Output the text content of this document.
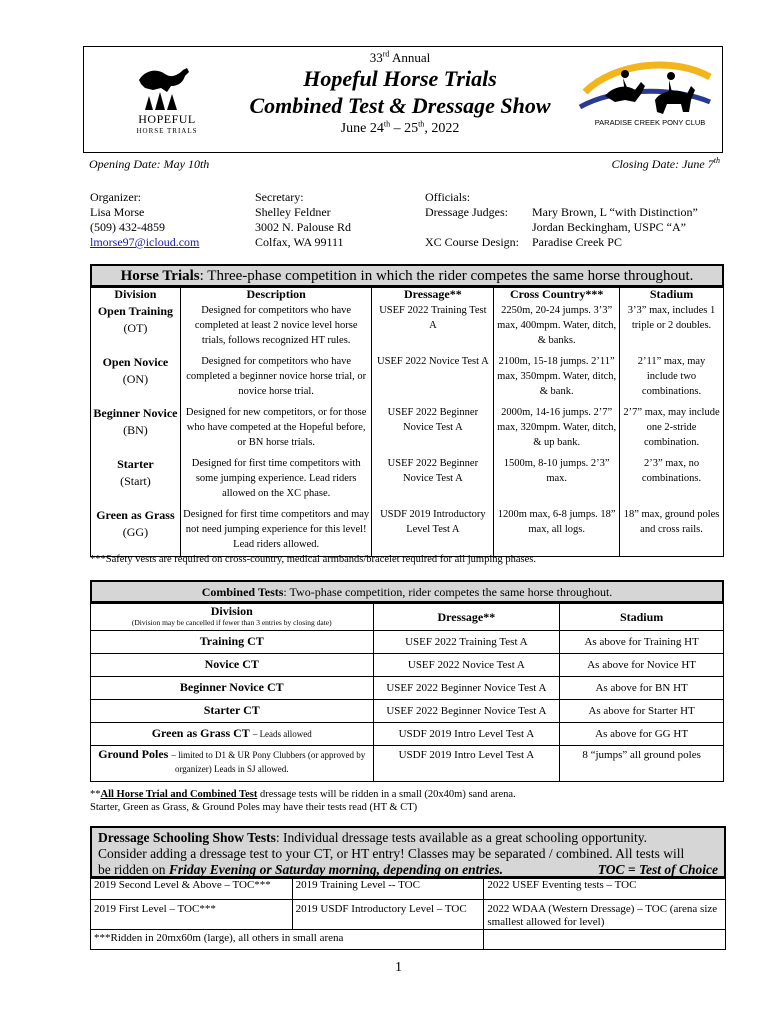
HOPEFUL
HORSE TRIALS
PARADISE CREEK PONY CLUB
33rd Annual
Hopeful Horse Trials
Combined Test & Dressage Show
June 24th – 25th, 2022
Opening Date: May 10th	Closing Date: June 7th
Organizer:
Lisa Morse
(509) 432-4859
lmorse97@icloud.com
Secretary:
Shelley Feldner
3002 N. Palouse Rd
Colfax, WA 99111
Officials:
Dressage Judges:	Mary Brown, L “with Distinction”
Jordan Beckingham, USPC “A”
XC Course Design:	Paradise Creek PC
Horse Trials: Three-phase competition in which the rider competes the same horse throughout.
Division	Description	Dressage**	Cross Country***	Stadium

Open Training
(OT)	Designed for competitors who have completed at least 2 novice level horse trials, follows recognized HT rules.	USEF 2022 Training Test A	2250m, 20-24 jumps. 3’3” max, 400mpm. Water, ditch, & banks.	3’3” max, includes 1 triple or 2 doubles.

Open Novice
(ON)	Designed for competitors who have completed a beginner novice horse trial, or novice horse trial.	USEF 2022 Novice Test A	2100m, 15-18 jumps. 2’11” max, 350mpm. Water, ditch, & bank.	2’11” max, may include two combinations.

Beginner Novice
(BN)	Designed for new competitors, or for those who have competed at the Hopeful before, or BN horse trials.	USEF 2022 Beginner Novice Test A	2000m, 14-16 jumps. 2’7” max, 320mpm. Water, ditch, & up bank.	2’7” max, may include one 2-stride combination.

Starter
(Start)	Designed for first time competitors with some jumping experience. Lead riders allowed on the XC phase.	USEF 2022 Beginner Novice Test A	1500m, 8-10 jumps. 2’3” max.	2’3” max, no combinations.

Green as Grass
(GG)	Designed for first time competitors and may not need jumping experience for this level! Lead riders allowed.	USDF 2019 Introductory Level Test A	1200m max, 6-8 jumps. 18” max, all logs.	18” max, ground poles and cross rails.
***Safety vests are required on cross-country, medical armbands/bracelet required for all jumping phases.
Combined Tests: Two-phase competition, rider competes the same horse throughout.
Division
(Division may be cancelled if fewer than 3 entries by closing date)	Dressage**	Stadium
Training CT	USEF 2022 Training Test A	As above for Training HT
Novice CT	USEF 2022 Novice Test A	As above for Novice HT
Beginner Novice CT	USEF 2022 Beginner Novice Test A	As above for BN HT
Starter CT	USEF 2022 Beginner Novice Test A	As above for Starter HT
Green as Grass CT – Leads allowed	USDF 2019 Intro Level Test A	As above for GG HT
Ground Poles – limited to D1 & UR Pony Clubbers (or approved by organizer) Leads in SJ allowed.	USDF 2019 Intro Level Test A	8 “jumps” all ground poles
**All Horse Trial and Combined Test dressage tests will be ridden in a small (20x40m) sand arena.
Starter, Green as Grass, & Ground Poles may have their tests read (HT & CT)
Dressage Schooling Show Tests: Individual dressage tests available as a great schooling opportunity.
Consider adding a dressage test to your CT, or HT entry! Classes may be separated / combined. All tests will
be ridden on Friday Evening or Saturday morning, depending on entries.	TOC = Test of Choice
2019 Second Level & Above – TOC***	2019 Training Level -- TOC	2022 USEF Eventing tests – TOC
2019 First Level – TOC***	2019 USDF Introductory Level – TOC	2022 WDAA (Western Dressage) – TOC (arena size smallest allowed for level)
***Ridden in 20mx60m (large), all others in small arena		
1
